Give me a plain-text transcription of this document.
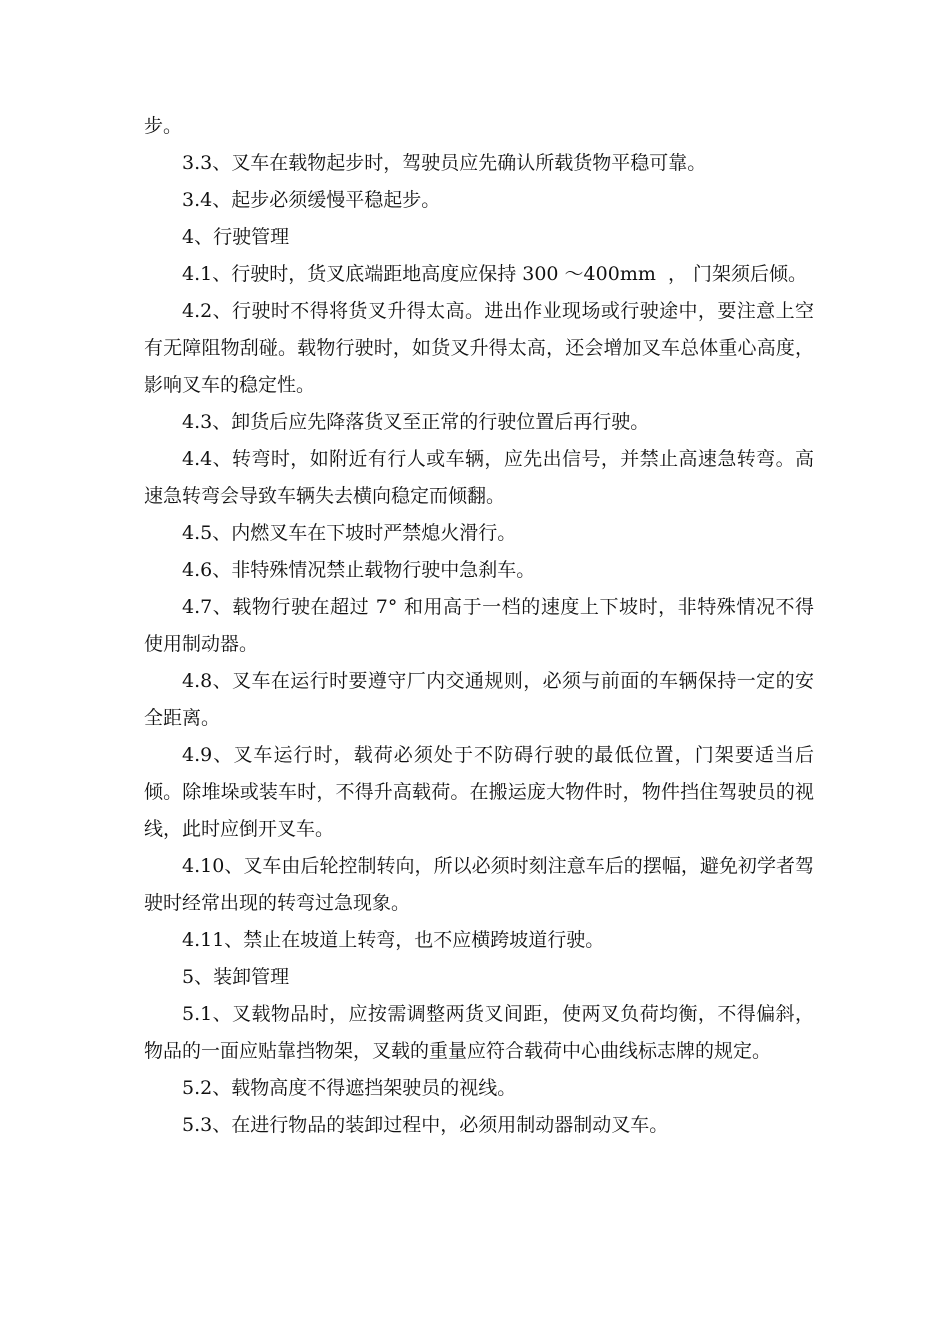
步。

3.3、叉车在载物起步时，驾驶员应先确认所载货物平稳可靠。

3.4、起步必须缓慢平稳起步。

4、行驶管理

4.1、行驶时，货叉底端距地高度应保持 300 ～400mm  ， 门架须后倾。

4.2、行驶时不得将货叉升得太高。进出作业现场或行驶途中，要注意上空有无障阻物刮碰。载物行驶时，如货叉升得太高，还会增加叉车总体重心高度，影响叉车的稳定性。

4.3、卸货后应先降落货叉至正常的行驶位置后再行驶。

4.4、转弯时，如附近有行人或车辆，应先出信号，并禁止高速急转弯。高速急转弯会导致车辆失去横向稳定而倾翻。

4.5、内燃叉车在下坡时严禁熄火滑行。

4.6、非特殊情况禁止载物行驶中急刹车。

4.7、载物行驶在超过 7° 和用高于一档的速度上下坡时，非特殊情况不得使用制动器。

4.8、叉车在运行时要遵守厂内交通规则，必须与前面的车辆保持一定的安全距离。

4.9、叉车运行时，载荷必须处于不防碍行驶的最低位置，门架要适当后倾。除堆垛或装车时，不得升高载荷。在搬运庞大物件时，物件挡住驾驶员的视线，此时应倒开叉车。

4.10、叉车由后轮控制转向，所以必须时刻注意车后的摆幅，避免初学者驾驶时经常出现的转弯过急现象。

4.11、禁止在坡道上转弯，也不应横跨坡道行驶。

5、装卸管理

5.1、叉载物品时，应按需调整两货叉间距，使两叉负荷均衡，不得偏斜，物品的一面应贴靠挡物架，叉载的重量应符合载荷中心曲线标志牌的规定。

5.2、载物高度不得遮挡架驶员的视线。

5.3、在进行物品的装卸过程中，必须用制动器制动叉车。
